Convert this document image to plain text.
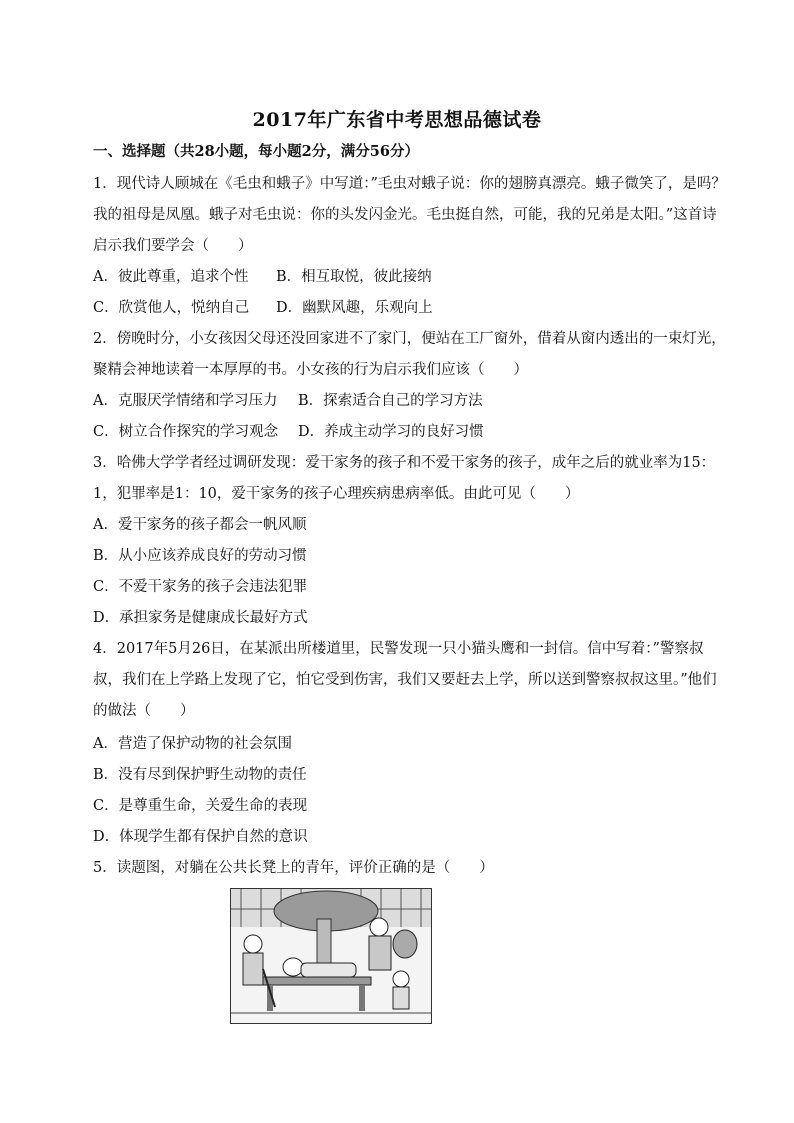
2017年广东省中考思想品德试卷
一、选择题（共28小题，每小题2分，满分56分）
1．现代诗人顾城在《毛虫和蛾子》中写道：”毛虫对蛾子说：你的翅膀真漂亮。蛾子微笑了，是吗？
我的祖母是凤凰。蛾子对毛虫说：你的头发闪金光。毛虫挺自然，可能，我的兄弟是太阳。”这首诗
启示我们要学会（　　）
A．彼此尊重，追求个性 B．相互取悦，彼此接纳
C．欣赏他人，悦纳自己 D．幽默风趣，乐观向上
2．傍晚时分，小女孩因父母还没回家进不了家门，便站在工厂窗外，借着从窗内透出的一束灯光，
聚精会神地读着一本厚厚的书。小女孩的行为启示我们应该（　　）
A．克服厌学情绪和学习压力 B．探索适合自己的学习方法
C．树立合作探究的学习观念 D．养成主动学习的良好习惯
3．哈佛大学学者经过调研发现：爱干家务的孩子和不爱干家务的孩子，成年之后的就业率为15：
1，犯罪率是1：10，爱干家务的孩子心理疾病患病率低。由此可见（　　）
A．爱干家务的孩子都会一帆风顺
B．从小应该养成良好的劳动习惯
C．不爱干家务的孩子会违法犯罪
D．承担家务是健康成长最好方式
4．2017年5月26日，在某派出所楼道里，民警发现一只小猫头鹰和一封信。信中写着：”警察叔
叔，我们在上学路上发现了它，怕它受到伤害，我们又要赶去上学，所以送到警察叔叔这里。”他们
的做法（　　）
A．营造了保护动物的社会氛围
B．没有尽到保护野生动物的责任
C．是尊重生命，关爱生命的表现
D．体现学生都有保护自然的意识
5．读题图，对躺在公共长凳上的青年，评价正确的是（　　）
